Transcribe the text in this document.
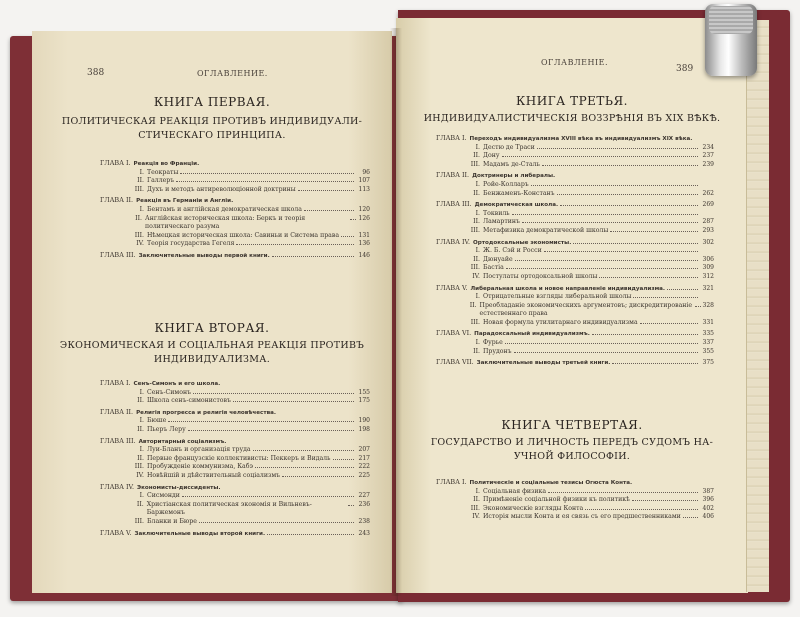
388	ОГЛАВЛЕНИЕ.
КНИГА ПЕРВАЯ.
ПОЛИТИЧЕСКАЯ РЕАКЦІЯ ПРОТИВЪ ИНДИВИДУАЛИ-
СТИЧЕСКАГО ПРИНЦИПА.
ГЛАВА I. Реакція во Франціи.
I. Теократы	96
II. Галлеръ	107
III. Духъ и методъ антиреволюціонной доктрины	113
ГЛАВА II. Реакція въ Германіи и Англіи.
I. Бентамъ и англійская демократическая школа	120
II. Англійская историческая школа: Беркъ и теорія политическаго разума
126
III. Нѣмецкая историческая школа: Савиньи и Система права	131
IV. Теорія государства Гегеля	136
ГЛАВА III. Заключительные выводы первой книги.	146
КНИГА ВТОРАЯ.
ЭКОНОМИЧЕСКАЯ И СОЦІАЛЬНАЯ РЕАКЦІЯ ПРОТИВЪ
ИНДИВИДУАЛИЗМА.
ГЛАВА I. Сенъ-Симонъ и его школа.
I. Сенъ-Симонъ	155
II. Школа сенъ-симонистовъ	175
ГЛАВА II. Религія прогресса и религія человѣчества.
I. Бюше	190
II. Пьеръ Леру	198
ГЛАВА III. Авторитарный соціализмъ.
I. Луи-Бланъ и организація труда	207
II. Первые французскіе коллективисты: Пеккеръ и Видаль	217
III. Пробужденіе коммунизма, Кабэ	222
IV. Новѣйшій и дѣйствительный соціализмъ	225
ГЛАВА IV. Экономисты-диссиденты.
I. Сисмонди	227
II. Христіанская политическая экономія и Вильневъ-Баржемонъ
236
III. Бланки и Бюре	238
ГЛАВА V. Заключительные выводы второй книги.	243
ОГЛАВЛЕНІЕ.
389
КНИГА ТРЕТЬЯ.
ИНДИВИДУАЛИСТИЧЕСКІЯ ВОЗЗРѢНІЯ ВЪ XIX ВѢКѢ.
ГЛАВА I. Переходъ индивидуализма XVIII вѣка въ индивидуализмъ XIX вѣка.
I. Дестю де Траси	234
II. Дону	237
III. Мадамъ де-Сталь	239
ГЛАВА II. Доктринеры и либералы.
I. Ройе-Колларъ
II. Бенжаменъ-Констанъ	262
ГЛАВА III. Демократическая школа.	269
I. Токвиль
II. Ламартинъ	287
III. Метафизика демократической школы	293
ГЛАВА IV. Ортодоксальные экономисты.	302
I. Ж. Б. Сэй и Росси
II. Дюнуайе	306
III. Бастіа	309
IV. Постулаты ортодоксальной школы	312
ГЛАВА V. Либеральная школа и новое направленіе индивидуализма.	321
I. Отрицательные взгляды либеральной школы
II. Преобладаніе экономическихъ аргументовъ; дискредитированіе естественнаго права
328
III. Новая формула утилитарнаго индивидуализма	331
ГЛАВА VI. Парадоксальный индивидуализмъ.	335
I. Фурье	337
II. Прудонъ	355
ГЛАВА VII. Заключительные выводы третьей книги.	375
КНИГА ЧЕТВЕРТАЯ.
ГОСУДАРСТВО И ЛИЧНОСТЬ ПЕРЕДЪ СУДОМЪ НА-
УЧНОЙ ФИЛОСОФІИ.
ГЛАВА I. Политическіе и соціальные тезисы Огюста Конта.
I. Соціальная физика	387
II. Примѣненіе соціальной физики къ политикѣ	396
III. Экономическіе взгляды Конта	402
IV. Исторія мысли Конта и ея связь съ его предшественниками	406
